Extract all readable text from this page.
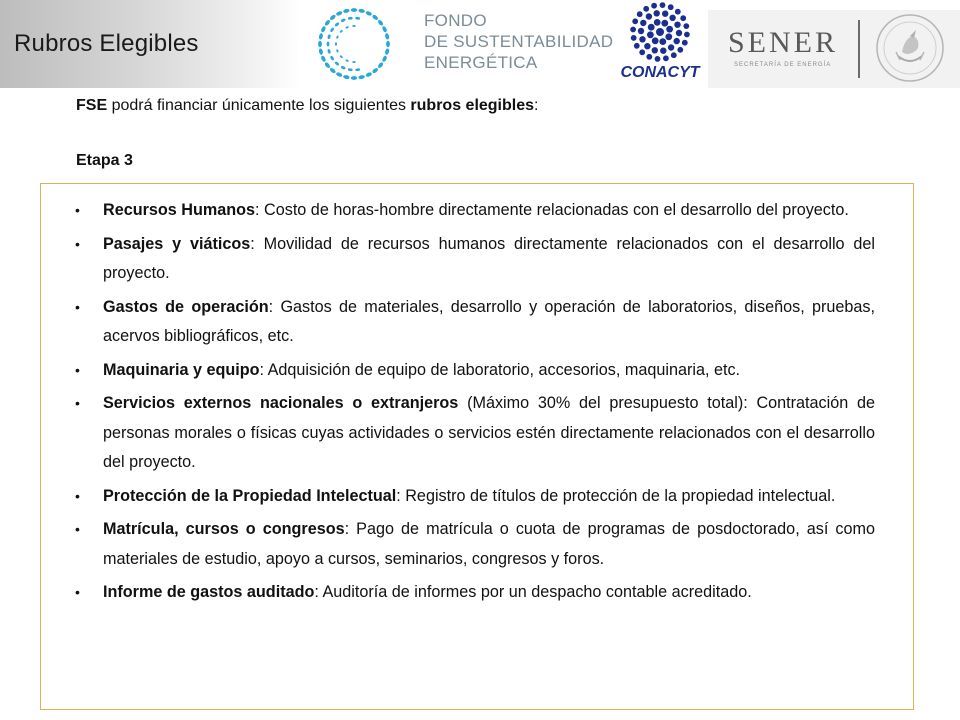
Rubros Elegibles
FONDO
DE SUSTENTABILIDAD
ENERGÉTICA
CONACYT
SENER
SECRETARÍA DE ENERGÍA
FSE podrá financiar únicamente los siguientes rubros elegibles:
Etapa 3
• Recursos Humanos: Costo de horas-hombre directamente relacionadas con el desarrollo del proyecto.
• Pasajes y viáticos: Movilidad de recursos humanos directamente relacionados con el desarrollo del proyecto.
• Gastos de operación: Gastos de materiales, desarrollo y operación de laboratorios, diseños, pruebas, acervos bibliográficos, etc.
• Maquinaria y equipo: Adquisición de equipo de laboratorio, accesorios, maquinaria, etc.
• Servicios externos nacionales o extranjeros (Máximo 30% del presupuesto total): Contratación de personas morales o físicas cuyas actividades o servicios estén directamente relacionados con el desarrollo del proyecto.
• Protección de la Propiedad Intelectual: Registro de títulos de protección de la propiedad intelectual.
• Matrícula, cursos o congresos: Pago de matrícula o cuota de programas de posdoctorado, así como materiales de estudio, apoyo a cursos, seminarios, congresos y foros.
• Informe de gastos auditado: Auditoría de informes por un despacho contable acreditado.
